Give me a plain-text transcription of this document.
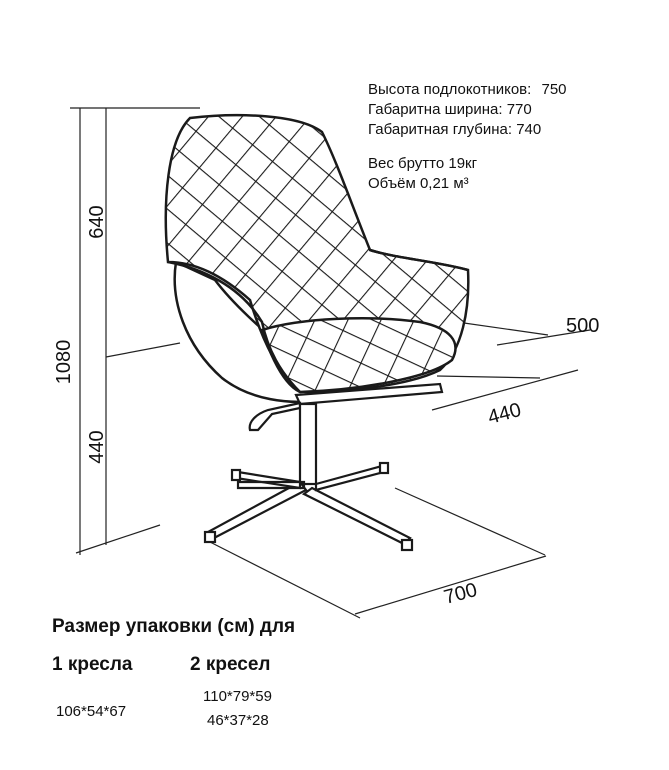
1080
640
440
500
440
700
Высота подлокотников: 750
Габаритна ширина: 770
Габаритная глубина: 740
Вес брутто 19кг
Объём 0,21 м³
Размер упаковки (см) для
1 кресла	2 кресел
106*54*67
110*79*59
46*37*28
